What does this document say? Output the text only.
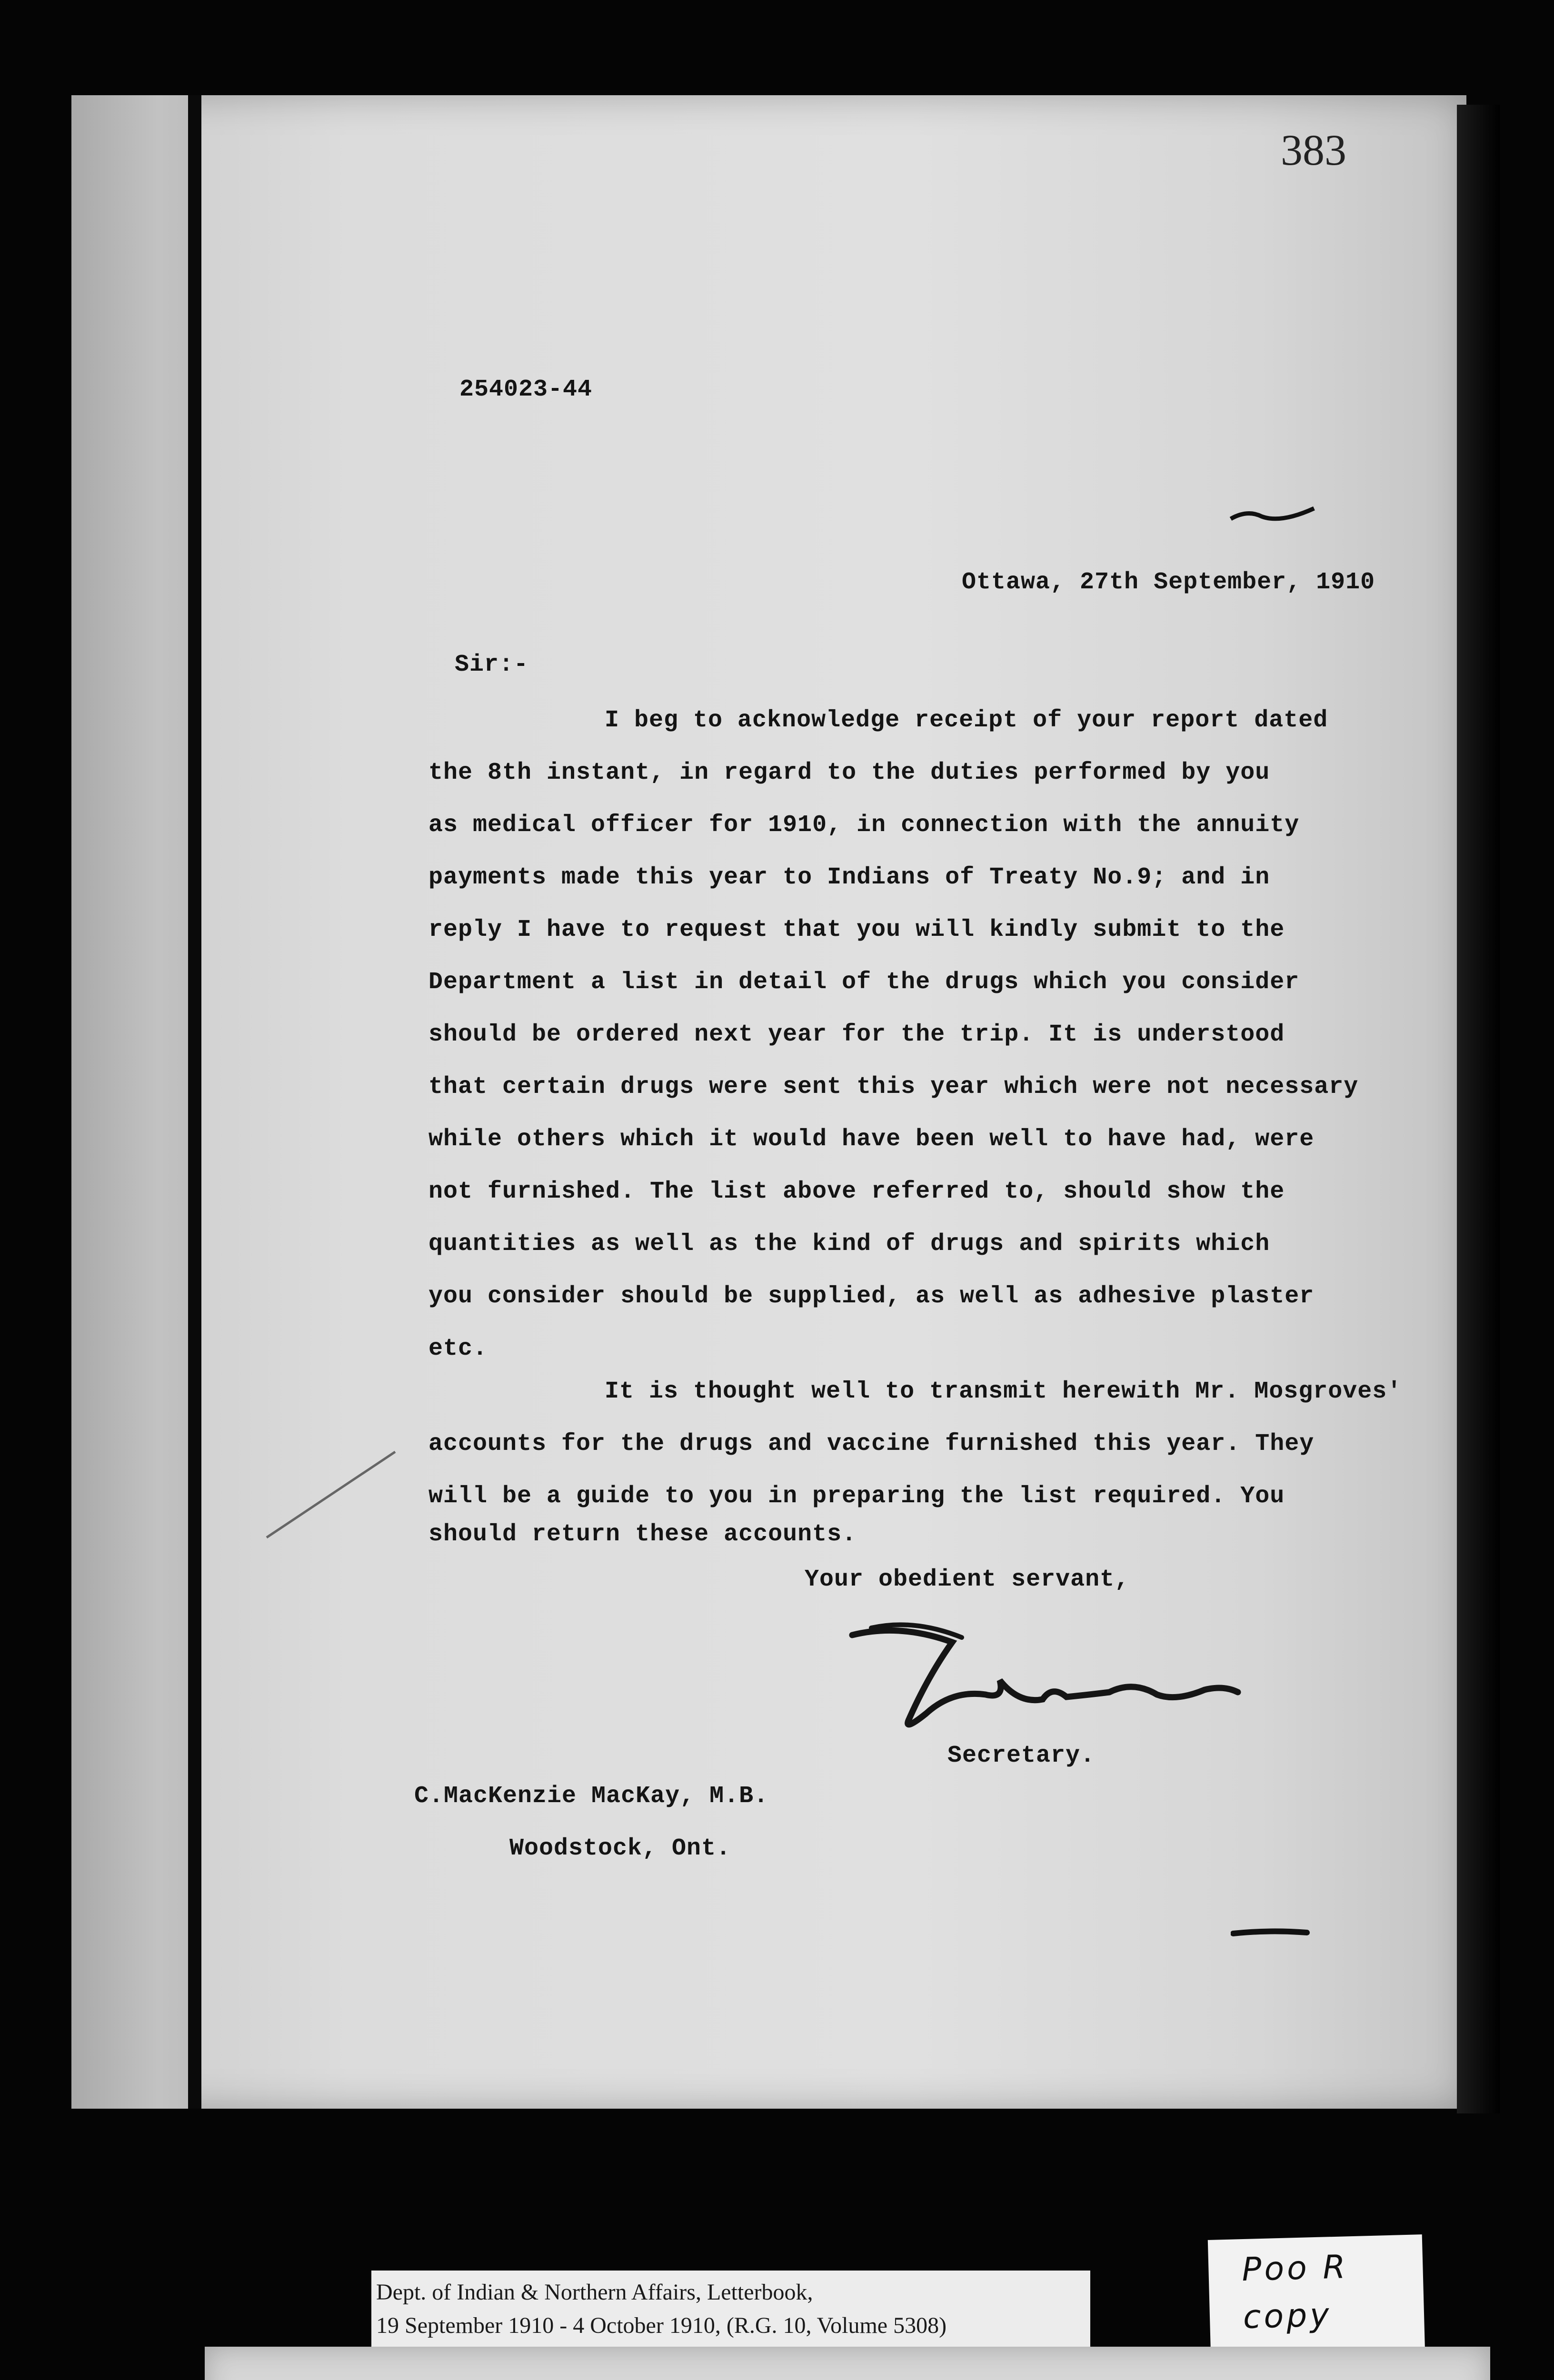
383
254023-44
Ottawa, 27th September, 1910
Sir:-
I beg to acknowledge receipt of your report dated
the 8th instant, in regard to the duties performed by you
as medical officer for 1910, in connection with the annuity
payments made this year to Indians of Treaty No.9; and in
reply I have to request that you will kindly submit to the
Department a list in detail of the drugs which you consider
should be ordered next year for the trip. It is understood
that certain drugs were sent this year which were not necessary
while others which it would have been well to have had, were
not furnished. The list above referred to, should show the
quantities as well as the kind of drugs and spirits which
you consider should be supplied, as well as adhesive plaster
etc.
It is thought well to transmit herewith Mr. Mosgroves'
accounts for the drugs and vaccine furnished this year. They
will be a guide to you in preparing the list required. You
should return these accounts.
Your obedient servant,
Secretary.
C.MacKenzie MacKay, M.B.
Woodstock, Ont.
Dept. of Indian & Northern Affairs, Letterbook,
19 September 1910 - 4 October 1910, (R.G. 10, Volume 5308)
Poo R
copy
